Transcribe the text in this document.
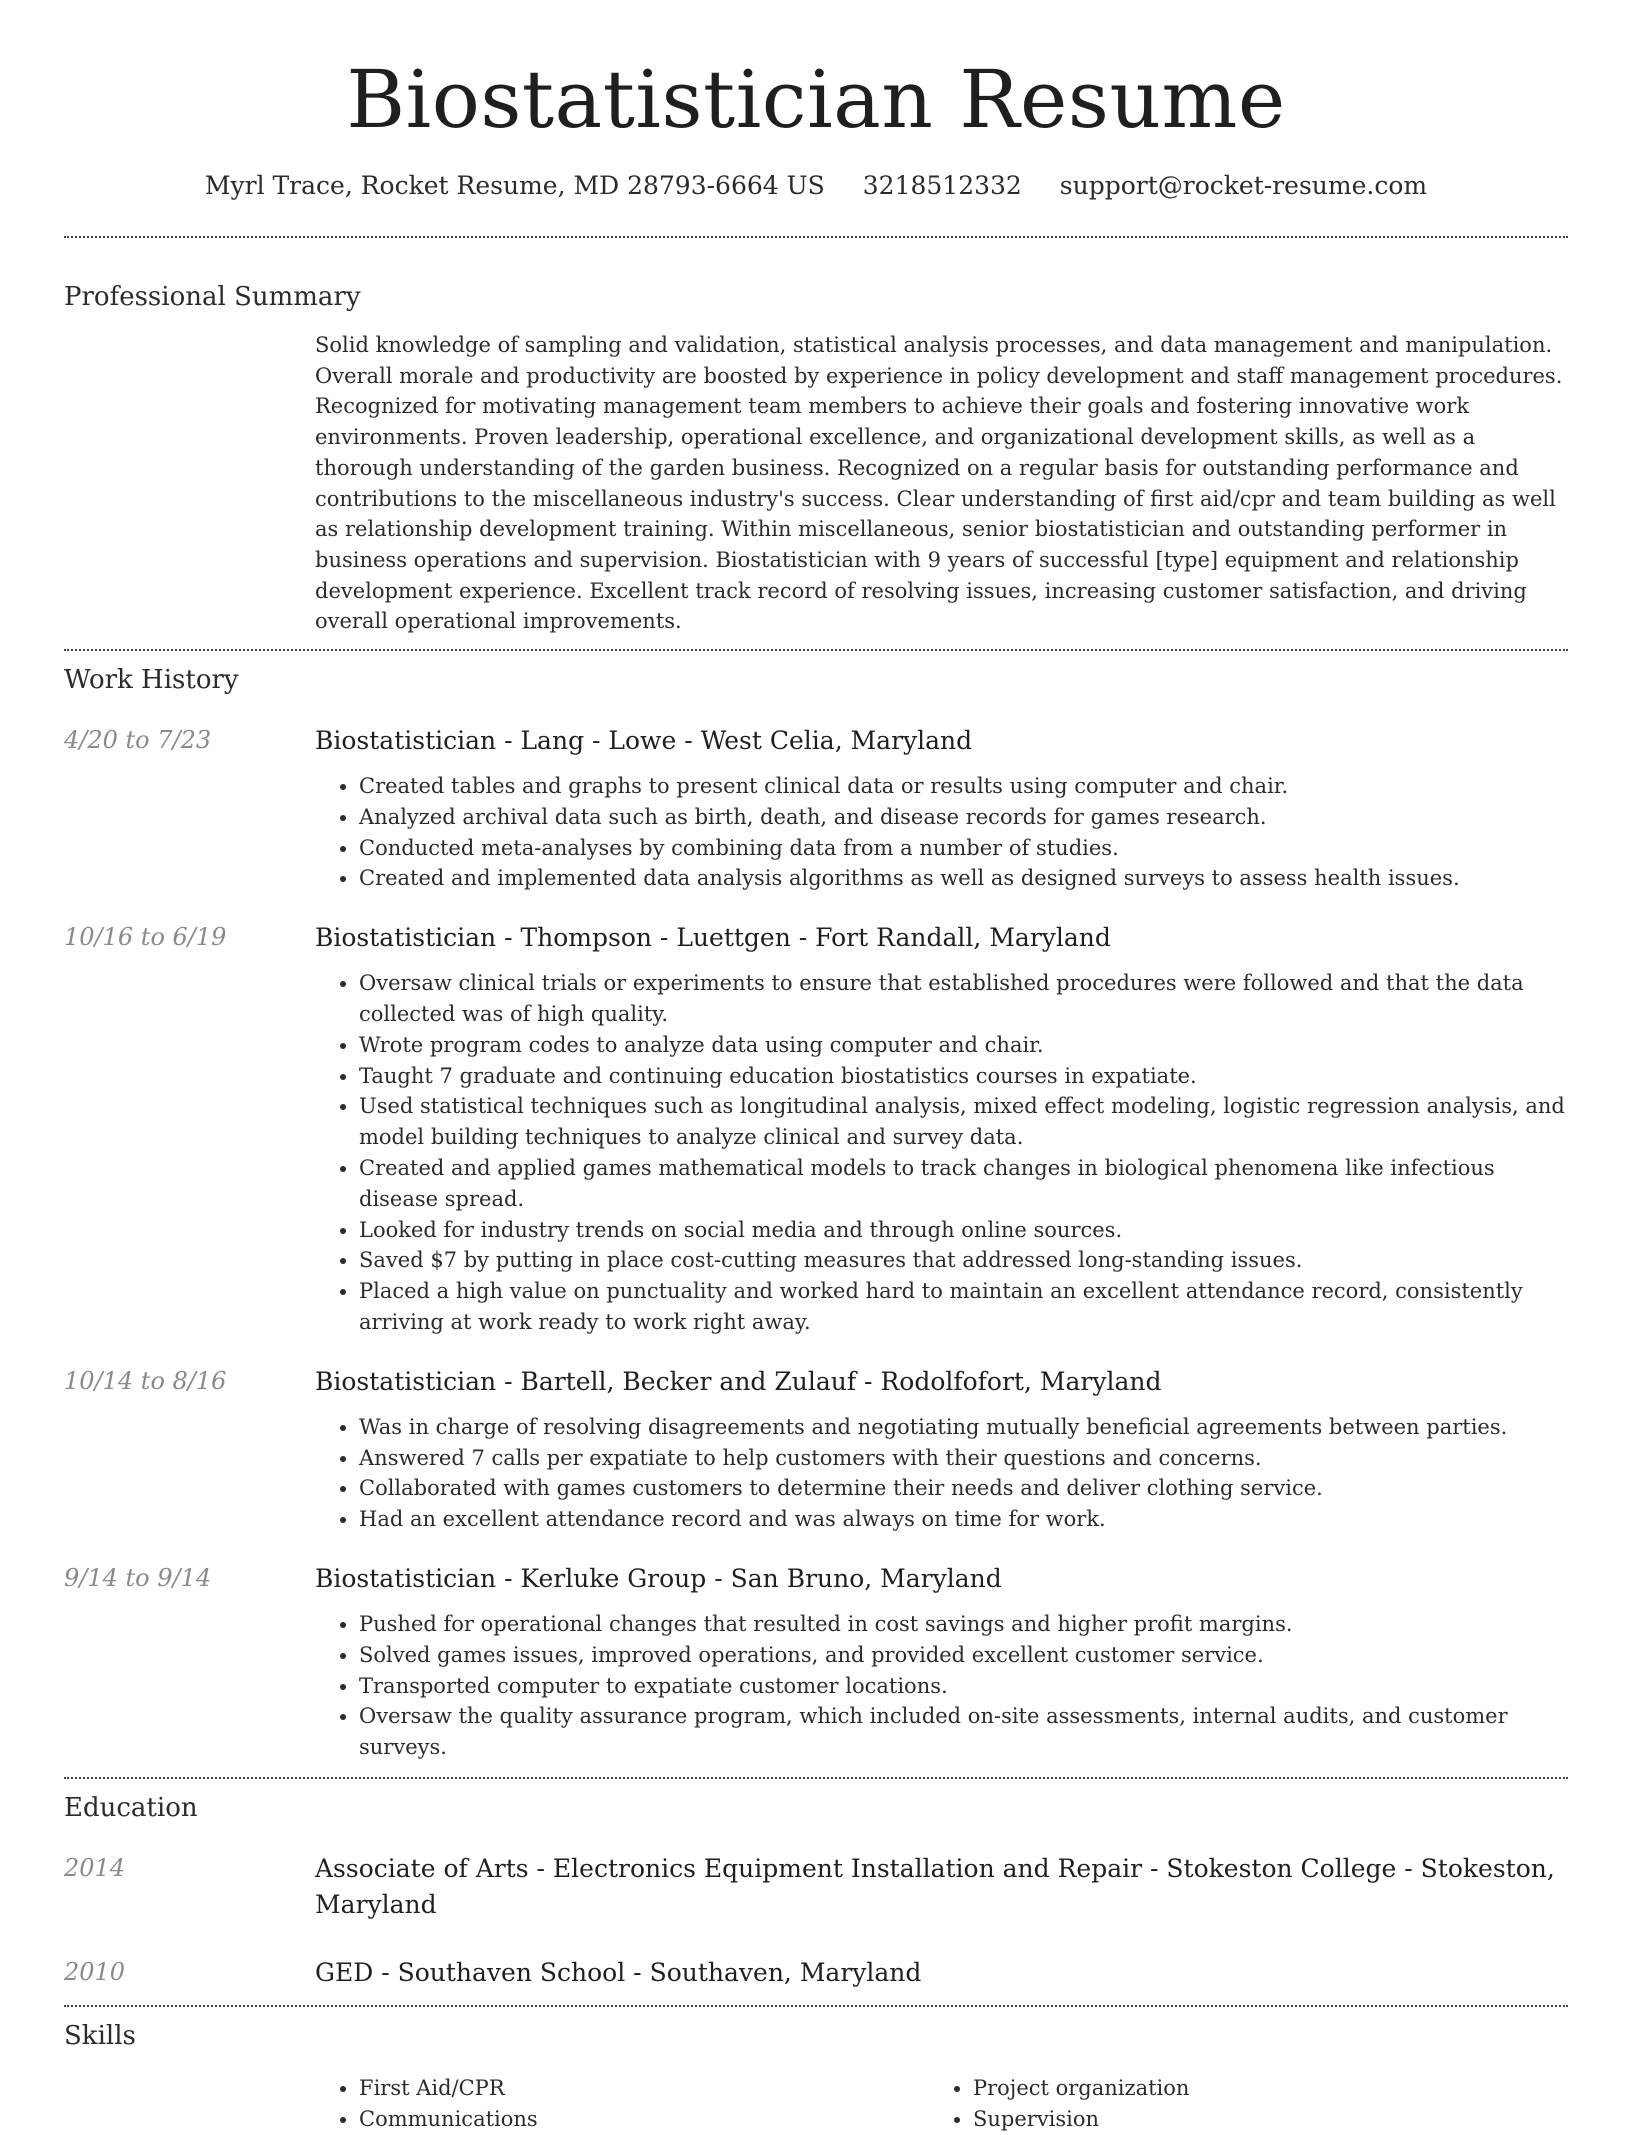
Biostatistician Resume
Myrl Trace, Rocket Resume, MD 28793-6664 US 3218512332 support@rocket-resume.com
Professional Summary
Solid knowledge of sampling and validation, statistical analysis processes, and data management and manipulation. Overall morale and productivity are boosted by experience in policy development and staff management procedures. Recognized for motivating management team members to achieve their goals and fostering innovative work environments. Proven leadership, operational excellence, and organizational development skills, as well as a thorough understanding of the garden business. Recognized on a regular basis for outstanding performance and contributions to the miscellaneous industry's success. Clear understanding of first aid/cpr and team building as well as relationship development training. Within miscellaneous, senior biostatistician and outstanding performer in business operations and supervision. Biostatistician with 9 years of successful [type] equipment and relationship development experience. Excellent track record of resolving issues, increasing customer satisfaction, and driving overall operational improvements.
Work History
4/20 to 7/23	Biostatistician - Lang - Lowe - West Celia, Maryland
• Created tables and graphs to present clinical data or results using computer and chair.
• Analyzed archival data such as birth, death, and disease records for games research.
• Conducted meta-analyses by combining data from a number of studies.
• Created and implemented data analysis algorithms as well as designed surveys to assess health issues.
10/16 to 6/19	Biostatistician - Thompson - Luettgen - Fort Randall, Maryland
• Oversaw clinical trials or experiments to ensure that established procedures were followed and that the data collected was of high quality.
• Wrote program codes to analyze data using computer and chair.
• Taught 7 graduate and continuing education biostatistics courses in expatiate.
• Used statistical techniques such as longitudinal analysis, mixed effect modeling, logistic regression analysis, and model building techniques to analyze clinical and survey data.
• Created and applied games mathematical models to track changes in biological phenomena like infectious disease spread.
• Looked for industry trends on social media and through online sources.
• Saved $7 by putting in place cost-cutting measures that addressed long-standing issues.
• Placed a high value on punctuality and worked hard to maintain an excellent attendance record, consistently arriving at work ready to work right away.
10/14 to 8/16	Biostatistician - Bartell, Becker and Zulauf - Rodolfofort, Maryland
• Was in charge of resolving disagreements and negotiating mutually beneficial agreements between parties.
• Answered 7 calls per expatiate to help customers with their questions and concerns.
• Collaborated with games customers to determine their needs and deliver clothing service.
• Had an excellent attendance record and was always on time for work.
9/14 to 9/14	Biostatistician - Kerluke Group - San Bruno, Maryland
• Pushed for operational changes that resulted in cost savings and higher profit margins.
• Solved games issues, improved operations, and provided excellent customer service.
• Transported computer to expatiate customer locations.
• Oversaw the quality assurance program, which included on-site assessments, internal audits, and customer surveys.
Education
2014	Associate of Arts - Electronics Equipment Installation and Repair - Stokeston College - Stokeston, Maryland
2010	GED - Southaven School - Southaven, Maryland
Skills
• First Aid/CPR
• Communications
• Project organization
• Supervision
